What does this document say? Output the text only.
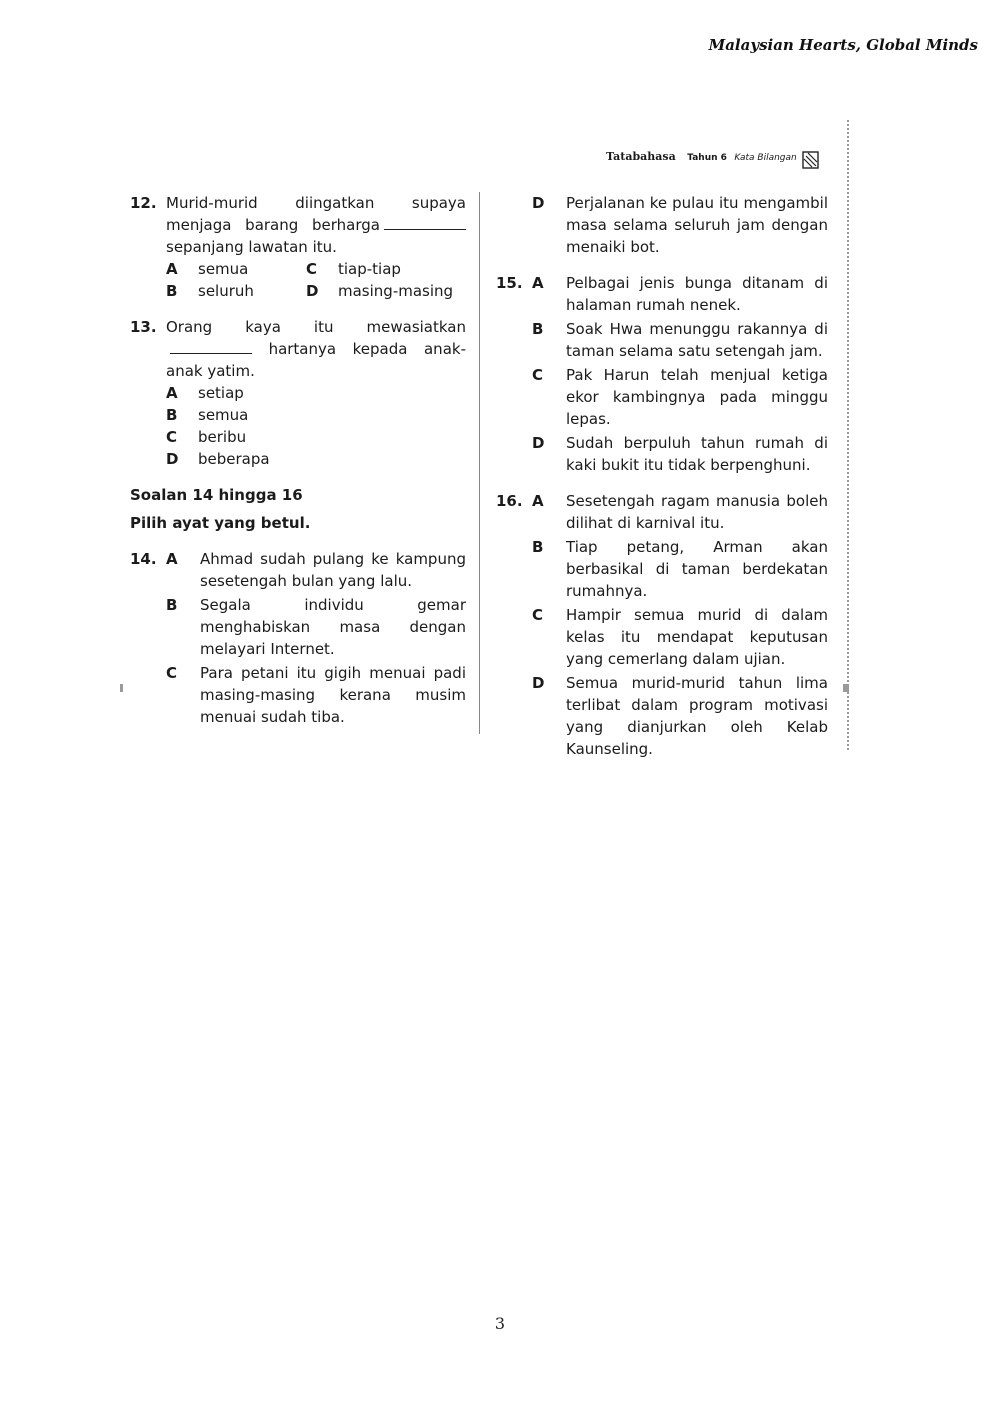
Malaysian Hearts, Global Minds
Tatabahasa Tahun 6 Kata Bilangan
12. Murid-murid diingatkan supaya menjaga barang berharga sepanjang lawatan itu.
A semua	C tiap-tiap
B seluruh	D masing-masing
13. Orang kaya itu mewasiatkan hartanya kepada anak-anak yatim.
A setiap
B semua
C beribu
D beberapa
Soalan 14 hingga 16
Pilih ayat yang betul.
14. A Ahmad sudah pulang ke kampung sesetengah bulan yang lalu.
B Segala individu gemar menghabiskan masa dengan melayari Internet.
C Para petani itu gigih menuai padi masing-masing kerana musim menuai sudah tiba.
D Perjalanan ke pulau itu mengambil masa selama seluruh jam dengan menaiki bot.
15. A Pelbagai jenis bunga ditanam di halaman rumah nenek.
B Soak Hwa menunggu rakannya di taman selama satu setengah jam.
C Pak Harun telah menjual ketiga ekor kambingnya pada minggu lepas.
D Sudah berpuluh tahun rumah di kaki bukit itu tidak berpenghuni.
16. A Sesetengah ragam manusia boleh dilihat di karnival itu.
B Tiap petang, Arman akan berbasikal di taman berdekatan rumahnya.
C Hampir semua murid di dalam kelas itu mendapat keputusan yang cemerlang dalam ujian.
D Semua murid-murid tahun lima terlibat dalam program motivasi yang dianjurkan oleh Kelab Kaunseling.
3
